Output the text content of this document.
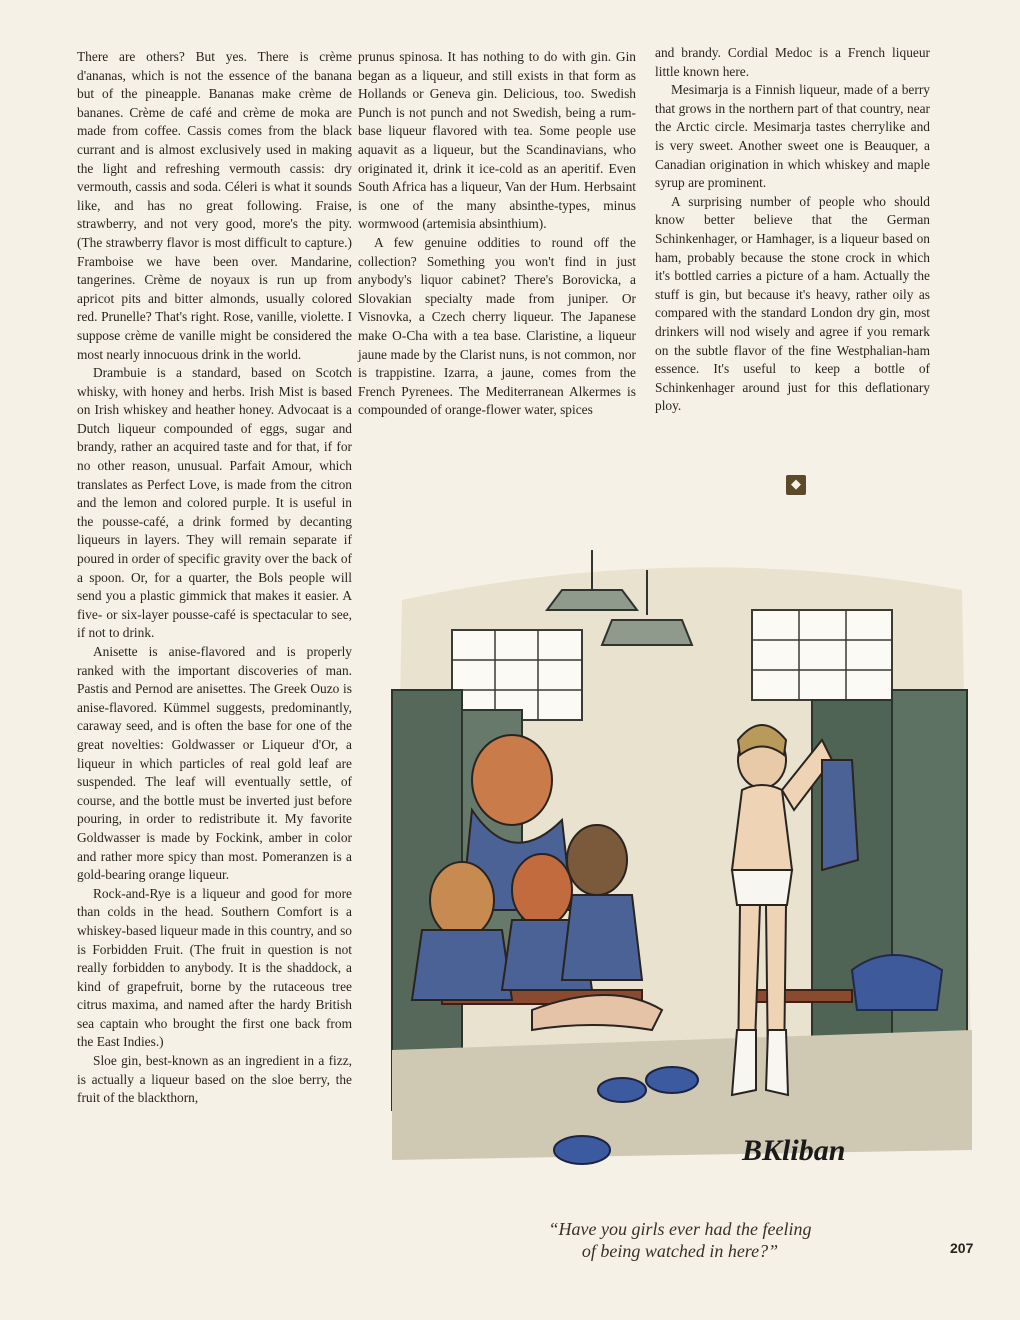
There are others? But yes. There is crème d'ananas, which is not the essence of the banana but of the pineapple. Bananas make crème de bananes. Crème de café and crème de moka are made from coffee. Cassis comes from the black currant and is almost exclusively used in making the light and refreshing vermouth cassis: dry vermouth, cassis and soda. Céleri is what it sounds like, and has no great following. Fraise, strawberry, and not very good, more's the pity. (The strawberry flavor is most difficult to capture.) Framboise we have been over. Mandarine, tangerines. Crème de noyaux is run up from apricot pits and bitter almonds, usually colored red. Prunelle? That's right. Rose, vanille, violette. I suppose crème de vanille might be considered the most nearly innocuous drink in the world.

Drambuie is a standard, based on Scotch whisky, with honey and herbs. Irish Mist is based on Irish whiskey and heather honey. Advocaat is a Dutch liqueur compounded of eggs, sugar and brandy, rather an acquired taste and for that, if for no other reason, unusual. Parfait Amour, which translates as Perfect Love, is made from the citron and the lemon and colored purple. It is useful in the pousse-café, a drink formed by decanting liqueurs in layers. They will remain separate if poured in order of specific gravity over the back of a spoon. Or, for a quarter, the Bols people will send you a plastic gimmick that makes it easier. A five- or six-layer pousse-café is spectacular to see, if not to drink.

Anisette is anise-flavored and is properly ranked with the important discoveries of man. Pastis and Pernod are anisettes. The Greek Ouzo is anise-flavored. Kümmel suggests, predominantly, caraway seed, and is often the base for one of the great novelties: Goldwasser or Liqueur d'Or, a liqueur in which particles of real gold leaf are suspended. The leaf will eventually settle, of course, and the bottle must be inverted just before pouring, in order to redistribute it. My favorite Goldwasser is made by Fockink, amber in color and rather more spicy than most. Pomeranzen is a gold-bearing orange liqueur.

Rock-and-Rye is a liqueur and good for more than colds in the head. Southern Comfort is a whiskey-based liqueur made in this country, and so is Forbidden Fruit. (The fruit in question is not really forbidden to anybody. It is the shaddock, a kind of grapefruit, borne by the rutaceous tree citrus maxima, and named after the hardy British sea captain who brought the first one back from the East Indies.)

Sloe gin, best-known as an ingredient in a fizz, is actually a liqueur based on the sloe berry, the fruit of the blackthorn,

prunus spinosa. It has nothing to do with gin. Gin began as a liqueur, and still exists in that form as Hollands or Geneva gin. Delicious, too. Swedish Punch is not punch and not Swedish, being a rum-base liqueur flavored with tea. Some people use aquavit as a liqueur, but the Scandinavians, who originated it, drink it ice-cold as an aperitif. Even South Africa has a liqueur, Van der Hum. Herbsaint is one of the many absinthe-types, minus wormwood (artemisia absinthium).

A few genuine oddities to round off the collection? Something you won't find in just anybody's liquor cabinet? There's Borovicka, a Slovakian specialty made from juniper. Or Visnovka, a Czech cherry liqueur. The Japanese make O-Cha with a tea base. Claristine, a liqueur jaune made by the Clarist nuns, is not common, nor is trappistine. Izarra, a jaune, comes from the French Pyrenees. The Mediterranean Alkermes is compounded of orange-flower water, spices

and brandy. Cordial Medoc is a French liqueur little known here.

Mesimarja is a Finnish liqueur, made of a berry that grows in the northern part of that country, near the Arctic circle. Mesimarja tastes cherrylike and is very sweet. Another sweet one is Beauquer, a Canadian origination in which whiskey and maple syrup are prominent.

A surprising number of people who should know better believe that the German Schinkenhager, or Hamhager, is a liqueur based on ham, probably because the stone crock in which it's bottled carries a picture of a ham. Actually the stuff is gin, but because it's heavy, rather oily as compared with the standard London dry gin, most drinkers will nod wisely and agree if you remark on the subtle flavor of the fine Westphalian-ham essence. It's useful to keep a bottle of Schinkenhager around just for this deflationary ploy.

◆
BKliban
“Have you girls ever had the feeling
of being watched in here?”	207
